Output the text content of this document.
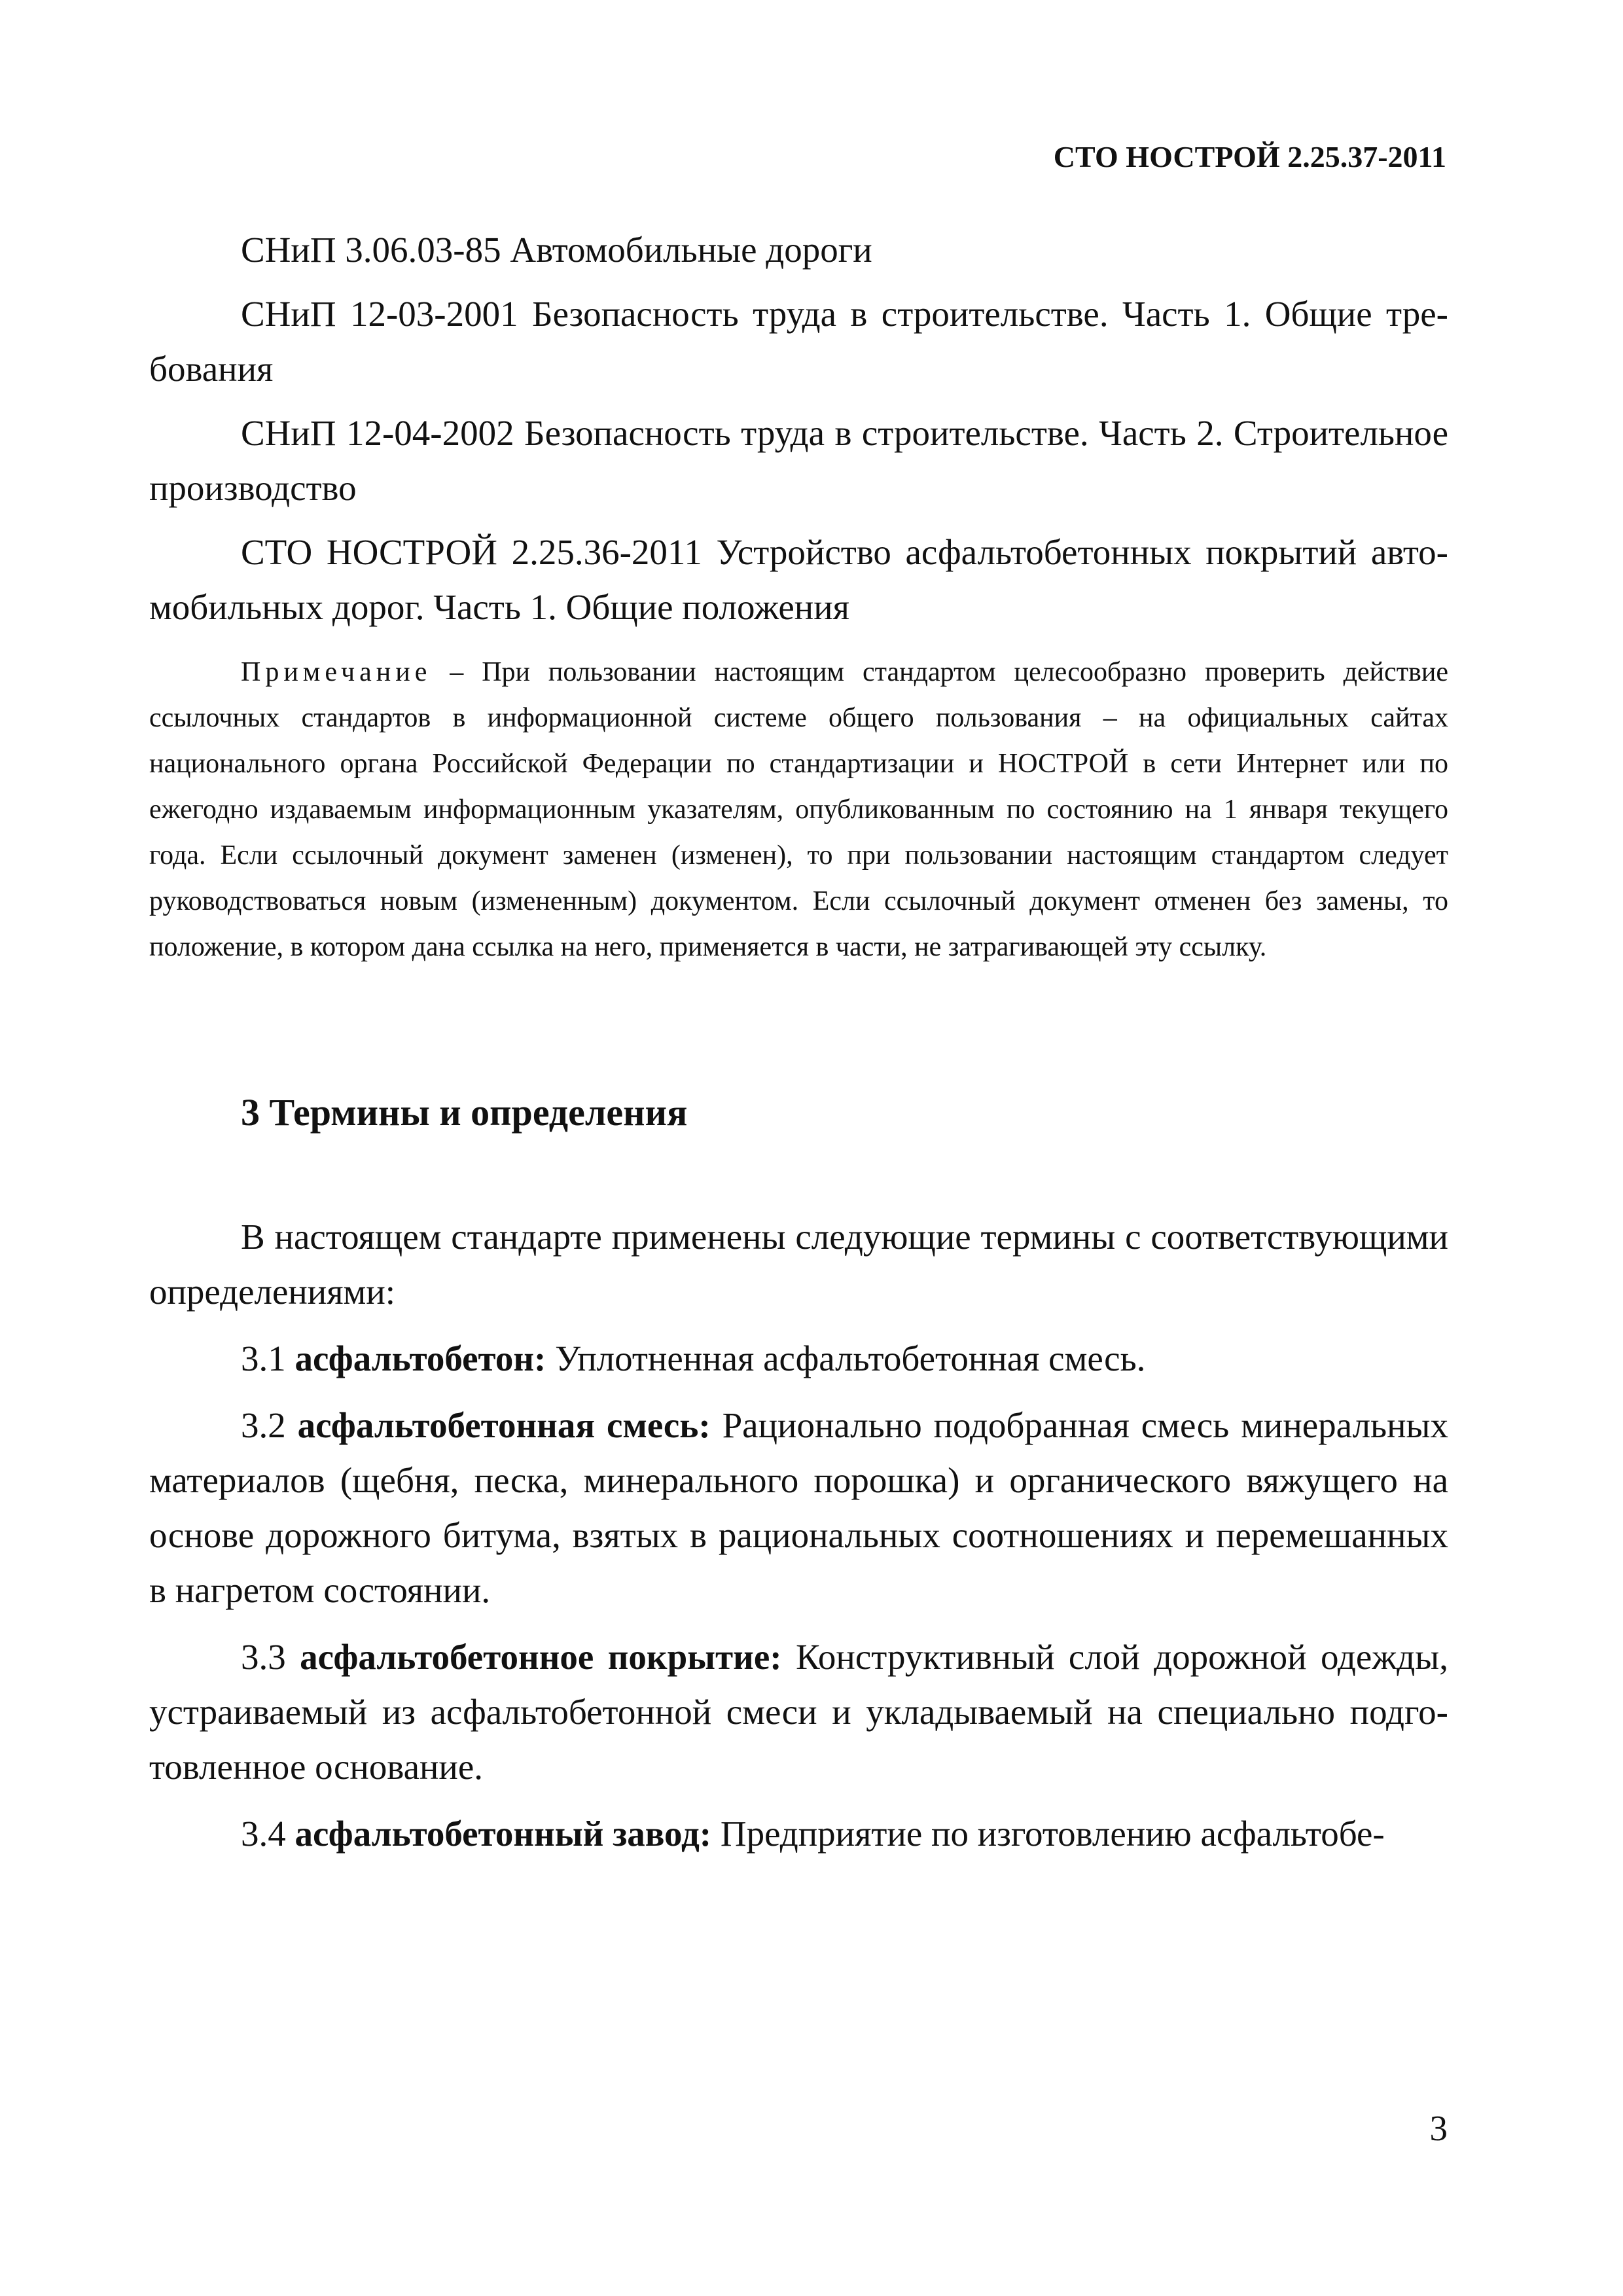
СТО НОСТРОЙ 2.25.37-2011

СНиП 3.06.03-85 Автомобильные дороги

СНиП 12-03-2001 Безопасность труда в строительстве. Часть 1. Общие требования

СНиП 12-04-2002 Безопасность труда в строительстве. Часть 2. Строительное производство

СТО НОСТРОЙ 2.25.36-2011 Устройство асфальтобетонных покрытий автомобильных дорог. Часть 1. Общие положения

Примечание – При пользовании настоящим стандартом целесообразно проверить действие ссылочных стандартов в информационной системе общего пользования – на официальных сайтах национального органа Российской Федерации по стандартизации и НОСТРОЙ в сети Интернет или по ежегодно издаваемым информационным указателям, опубликованным по состоянию на 1 января текущего года. Если ссылочный документ заменен (изменен), то при пользовании настоящим стандартом следует руководствоваться новым (измененным) документом. Если ссылочный документ отменен без замены, то положение, в котором дана ссылка на него, применяется в части, не затрагивающей эту ссылку.

3 Термины и определения

В настоящем стандарте применены следующие термины с соответствующими определениями:

3.1 асфальтобетон: Уплотненная асфальтобетонная смесь.

3.2 асфальтобетонная смесь: Рационально подобранная смесь минеральных материалов (щебня, песка, минерального порошка) и органического вяжущего на основе дорожного битума, взятых в рациональных соотношениях и перемешанных в нагретом состоянии.

3.3 асфальтобетонное покрытие: Конструктивный слой дорожной одежды, устраиваемый из асфальтобетонной смеси и укладываемый на специально подготовленное основание.

3.4 асфальтобетонный завод: Предприятие по изготовлению асфальтобе-

3
